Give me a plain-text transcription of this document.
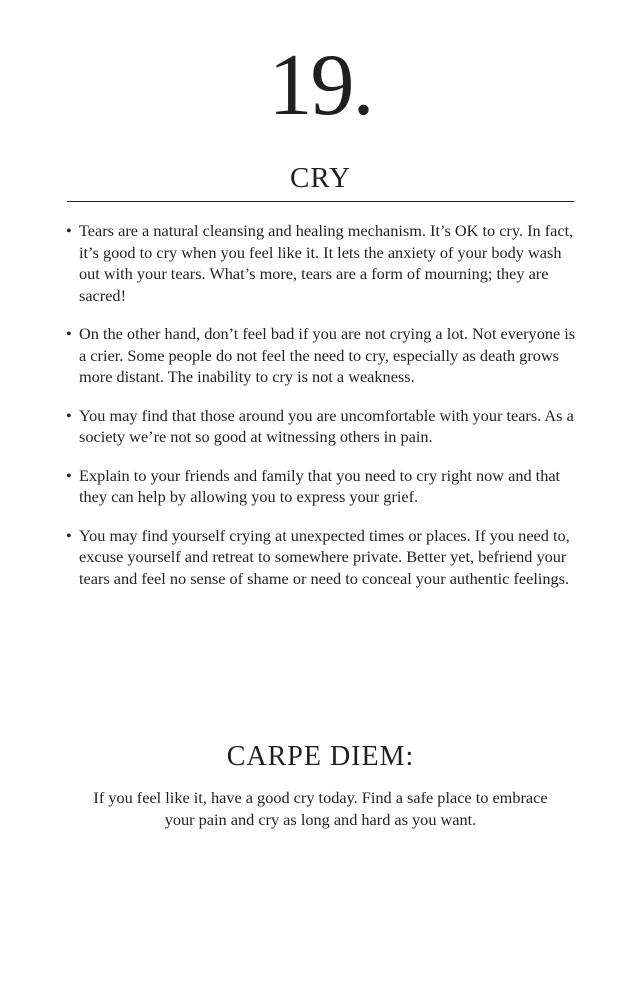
19.
CRY
• Tears are a natural cleansing and healing mechanism. It’s OK to cry. In fact, it’s good to cry when you feel like it. It lets the anxiety of your body wash out with your tears. What’s more, tears are a form of mourning; they are sacred!
• On the other hand, don’t feel bad if you are not crying a lot. Not everyone is a crier. Some people do not feel the need to cry, especially as death grows more distant. The inability to cry is not a weakness.
• You may find that those around you are uncomfortable with your tears. As a society we’re not so good at witnessing others in pain.
• Explain to your friends and family that you need to cry right now and that they can help by allowing you to express your grief.
• You may find yourself crying at unexpected times or places. If you need to, excuse yourself and retreat to somewhere private. Better yet, befriend your tears and feel no sense of shame or need to conceal your authentic feelings.
CARPE DIEM:
If you feel like it, have a good cry today. Find a safe place to embrace your pain and cry as long and hard as you want.
